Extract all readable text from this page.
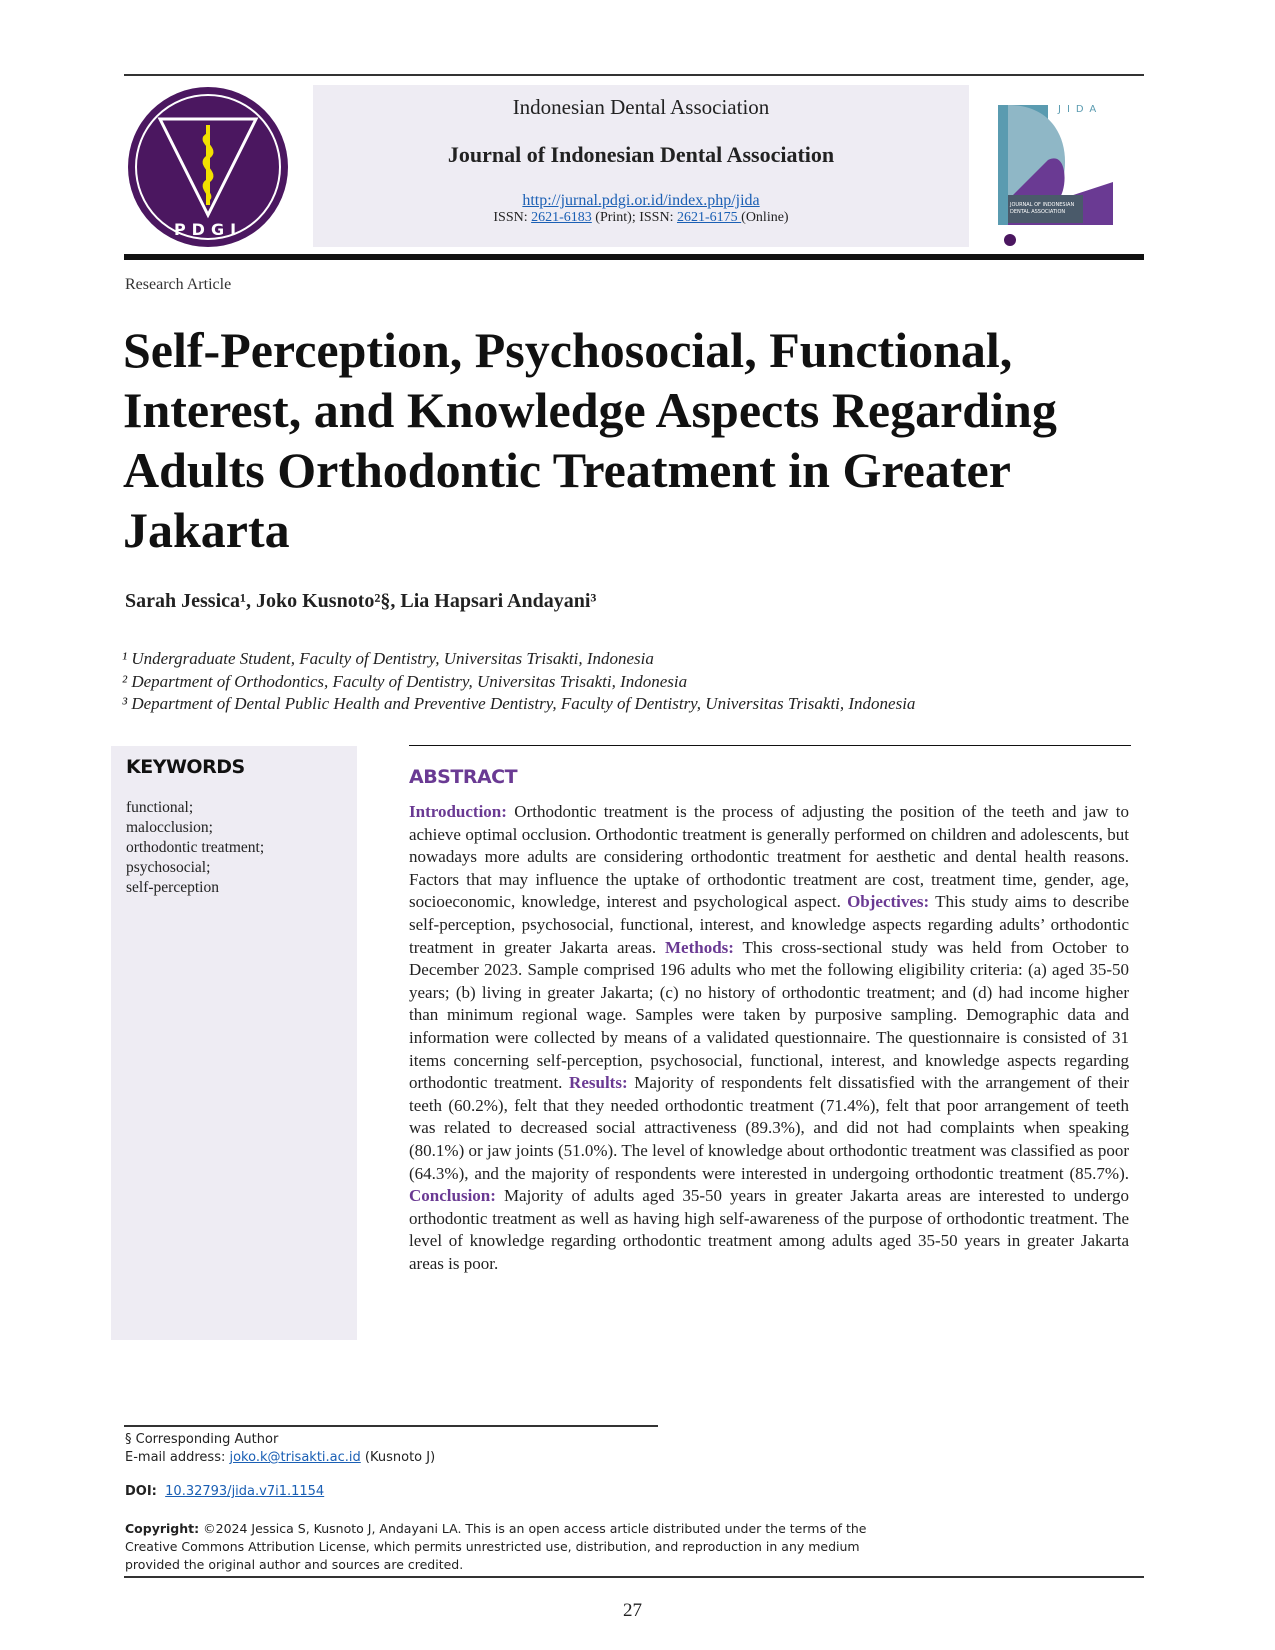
PDGI
Indonesian Dental Association
Journal of Indonesian Dental Association
http://jurnal.pdgi.or.id/index.php/jida
ISSN: 2621-6183 (Print); ISSN: 2621-6175 (Online)
JIDA
JOURNAL OF INDONESIAN
DENTAL ASSOCIATION
Research Article
Self-Perception, Psychosocial, Functional, Interest, and Knowledge Aspects Regarding Adults Orthodontic Treatment in Greater Jakarta
Sarah Jessica¹, Joko Kusnoto²§, Lia Hapsari Andayani³
¹ Undergraduate Student, Faculty of Dentistry, Universitas Trisakti, Indonesia
² Department of Orthodontics, Faculty of Dentistry, Universitas Trisakti, Indonesia
³ Department of Dental Public Health and Preventive Dentistry, Faculty of Dentistry, Universitas Trisakti, Indonesia
KEYWORDS
functional;
malocclusion;
orthodontic treatment;
psychosocial;
self-perception
ABSTRACT
Introduction: Orthodontic treatment is the process of adjusting the position of the teeth and jaw to achieve optimal occlusion. Orthodontic treatment is generally performed on children and adolescents, but nowadays more adults are considering orthodontic treatment for aesthetic and dental health reasons. Factors that may influence the uptake of orthodontic treatment are cost, treatment time, gender, age, socioeconomic, knowledge, interest and psychological aspect. Objectives: This study aims to describe self-perception, psychosocial, functional, interest, and knowledge aspects regarding adults’ orthodontic treatment in greater Jakarta areas. Methods: This cross-sectional study was held from October to December 2023. Sample comprised 196 adults who met the following eligibility criteria: (a) aged 35-50 years; (b) living in greater Jakarta; (c) no history of orthodontic treatment; and (d) had income higher than minimum regional wage. Samples were taken by purposive sampling. Demographic data and information were collected by means of a validated questionnaire. The questionnaire is consisted of 31 items concerning self-perception, psychosocial, functional, interest, and knowledge aspects regarding orthodontic treatment. Results: Majority of respondents felt dissatisfied with the arrangement of their teeth (60.2%), felt that they needed orthodontic treatment (71.4%), felt that poor arrangement of teeth was related to decreased social attractiveness (89.3%), and did not had complaints when speaking (80.1%) or jaw joints (51.0%). The level of knowledge about orthodontic treatment was classified as poor (64.3%), and the majority of respondents were interested in undergoing orthodontic treatment (85.7%). Conclusion: Majority of adults aged 35-50 years in greater Jakarta areas are interested to undergo orthodontic treatment as well as having high self-awareness of the purpose of orthodontic treatment. The level of knowledge regarding orthodontic treatment among adults aged 35-50 years in greater Jakarta areas is poor.
§ Corresponding Author
E-mail address: joko.k@trisakti.ac.id (Kusnoto J)
DOI: 10.32793/jida.v7i1.1154
Copyright: ©2024 Jessica S, Kusnoto J, Andayani LA. This is an open access article distributed under the terms of the Creative Commons Attribution License, which permits unrestricted use, distribution, and reproduction in any medium provided the original author and sources are credited.
27
